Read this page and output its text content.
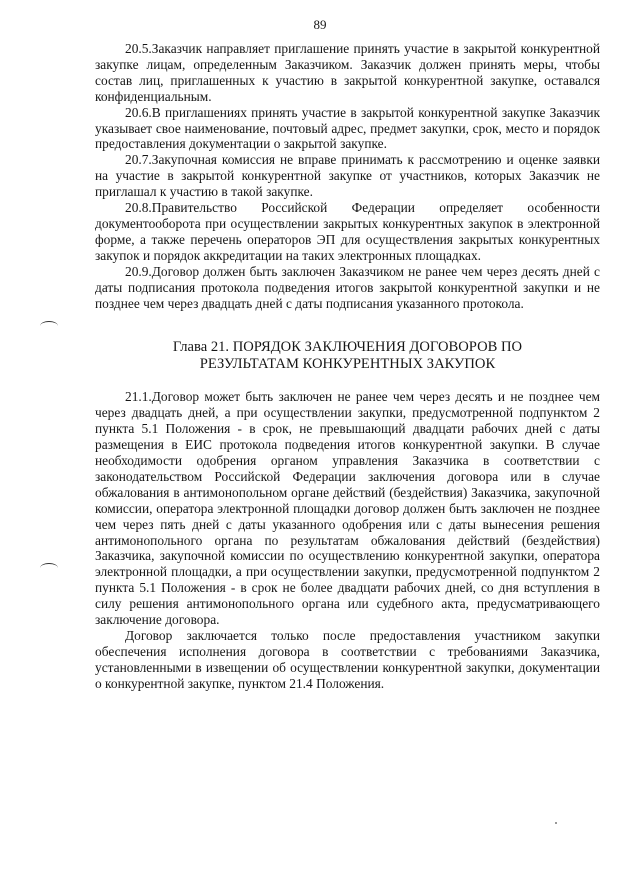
89

20.5.Заказчик направляет приглашение принять участие в закрытой конкурентной закупке лицам, определенным Заказчиком. Заказчик должен принять меры, чтобы состав лиц, приглашенных к участию в закрытой конкурентной закупке, оставался конфиденциальным.

20.6.В приглашениях принять участие в закрытой конкурентной закупке Заказчик указывает свое наименование, почтовый адрес, предмет закупки, срок, место и порядок предоставления документации о закрытой закупке.

20.7.Закупочная комиссия не вправе принимать к рассмотрению и оценке заявки на участие в закрытой конкурентной закупке от участников, которых Заказчик не приглашал к участию в такой закупке.

20.8.Правительство Российской Федерации определяет особенности документооборота при осуществлении закрытых конкурентных закупок в электронной форме, а также перечень операторов ЭП для осуществления закрытых конкурентных закупок и порядок аккредитации на таких электронных площадках.

20.9.Договор должен быть заключен Заказчиком не ранее чем через десять дней с даты подписания протокола подведения итогов закрытой конкурентной закупки и не позднее чем через двадцать дней с даты подписания указанного протокола.

Глава 21. ПОРЯДОК ЗАКЛЮЧЕНИЯ ДОГОВОРОВ ПО
РЕЗУЛЬТАТАМ КОНКУРЕНТНЫХ ЗАКУПОК

21.1.Договор может быть заключен не ранее чем через десять и не позднее чем через двадцать дней, а при осуществлении закупки, предусмотренной подпунктом 2 пункта 5.1 Положения - в срок, не превышающий двадцати рабочих дней с даты размещения в ЕИС протокола подведения итогов конкурентной закупки. В случае необходимости одобрения органом управления Заказчика в соответствии с законодательством Российской Федерации заключения договора или в случае обжалования в антимонопольном органе действий (бездействия) Заказчика, закупочной комиссии, оператора электронной площадки договор должен быть заключен не позднее чем через пять дней с даты указанного одобрения или с даты вынесения решения антимонопольного органа по результатам обжалования действий (бездействия) Заказчика, закупочной комиссии по осуществлению конкурентной закупки, оператора электронной площадки, а при осуществлении закупки, предусмотренной подпунктом 2 пункта 5.1 Положения - в срок не более двадцати рабочих дней, со дня вступления в силу решения антимонопольного органа или судебного акта, предусматривающего заключение договора.

Договор заключается только после предоставления участником закупки обеспечения исполнения договора в соответствии с требованиями Заказчика, установленными в извещении об осуществлении конкурентной закупки, документации о конкурентной закупке, пунктом 21.4 Положения.
